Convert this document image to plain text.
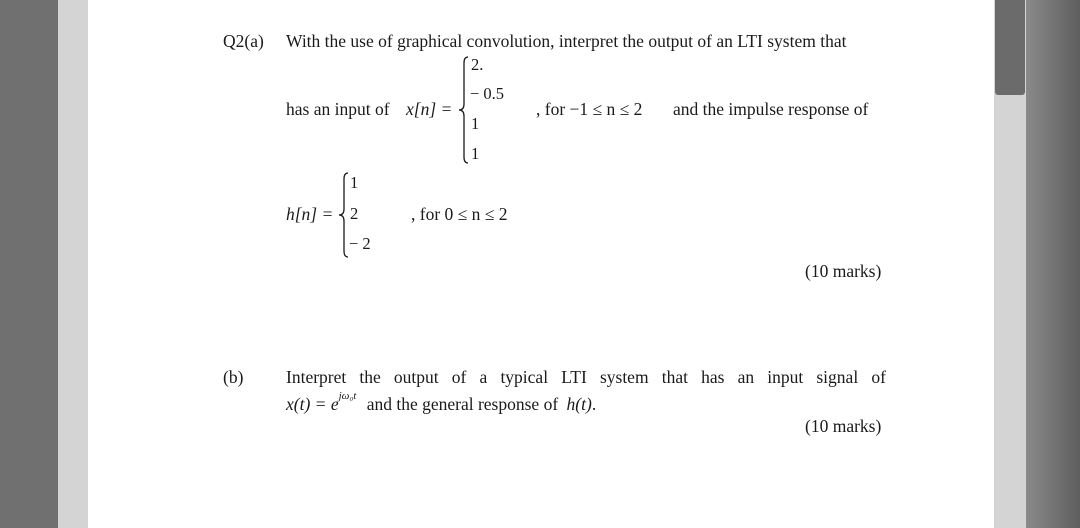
Q2(a) With the use of graphical convolution, interpret the output of an LTI system that
has an input of x[n] =
2.
− 0.5
1
1
, for −1 ≤ n ≤ 2 and the impulse response of
h[n] =
1
2
− 2
, for 0 ≤ n ≤ 2
(10 marks)
(b) Interpret the output of a typical LTI system that has an input signal of
$x(t) = e^{j\omega_0t}$ and the general response of h(t).
(10 marks)
